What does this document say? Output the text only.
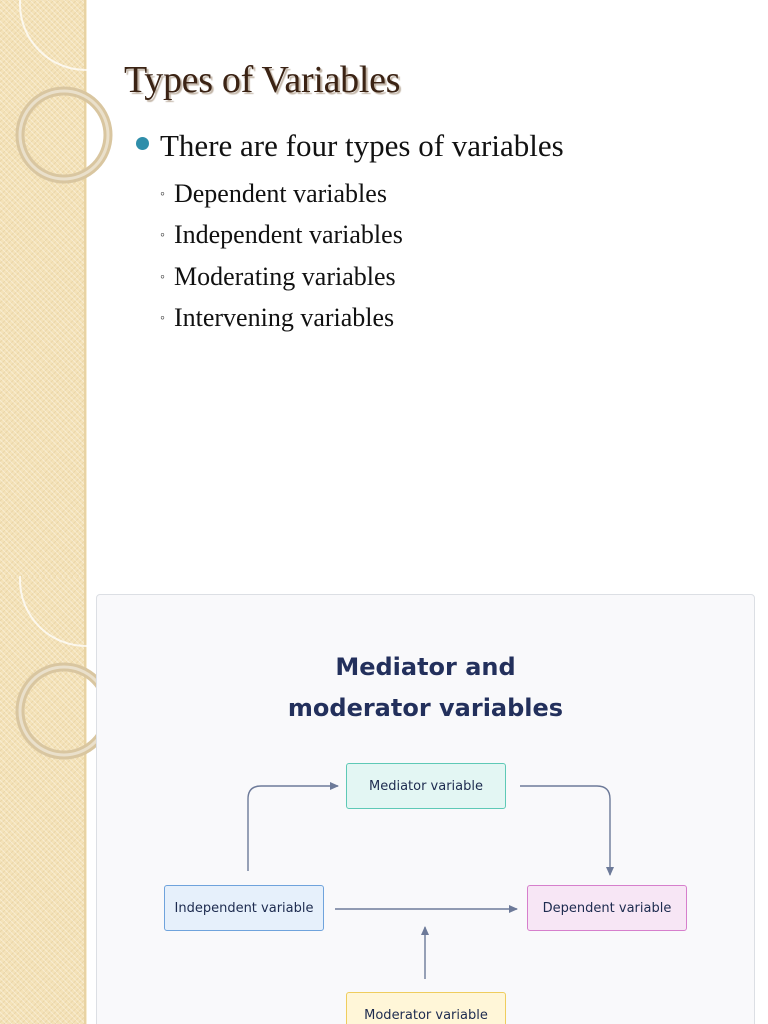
Types of Variables
There are four types of variables
◦ Dependent variables
◦ Independent variables
◦ Moderating variables
◦ Intervening variables
Mediator and
moderator variables
Mediator variable
Independent variable	Dependent variable
Moderator variable
